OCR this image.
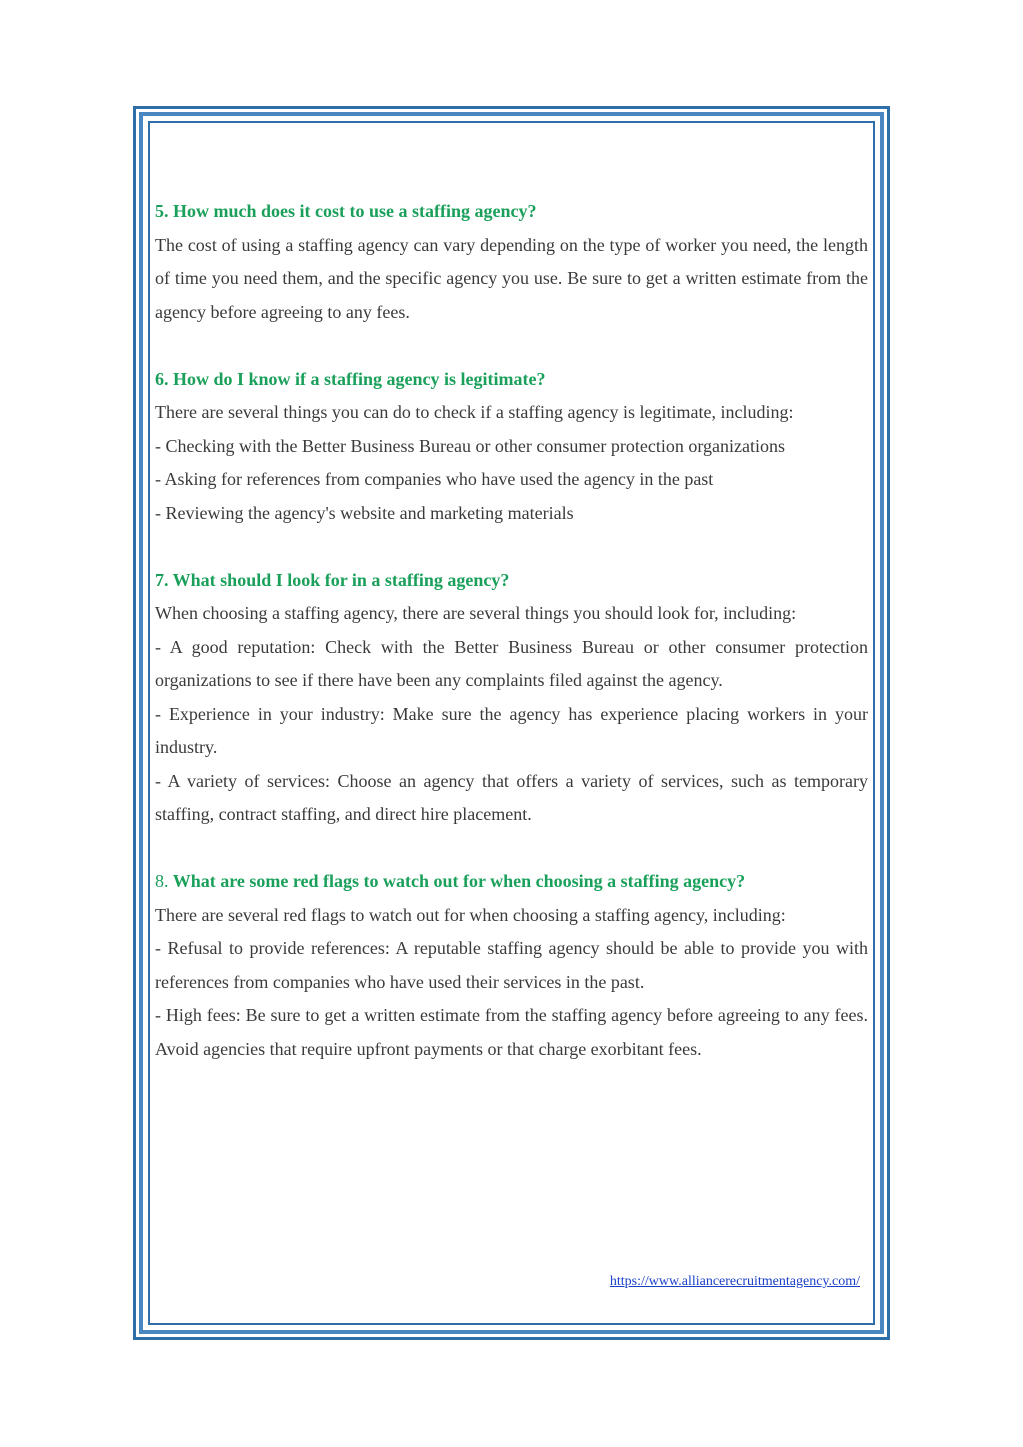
5. How much does it cost to use a staffing agency?

The cost of using a staffing agency can vary depending on the type of worker you need, the length of time you need them, and the specific agency you use. Be sure to get a written estimate from the agency before agreeing to any fees.

6. How do I know if a staffing agency is legitimate?

There are several things you can do to check if a staffing agency is legitimate, including:

- Checking with the Better Business Bureau or other consumer protection organizations

- Asking for references from companies who have used the agency in the past

- Reviewing the agency's website and marketing materials

7. What should I look for in a staffing agency?

When choosing a staffing agency, there are several things you should look for, including:

- A good reputation: Check with the Better Business Bureau or other consumer protection organizations to see if there have been any complaints filed against the agency.

- Experience in your industry: Make sure the agency has experience placing workers in your industry.

- A variety of services: Choose an agency that offers a variety of services, such as temporary staffing, contract staffing, and direct hire placement.

8. What are some red flags to watch out for when choosing a staffing agency?

There are several red flags to watch out for when choosing a staffing agency, including:

- Refusal to provide references: A reputable staffing agency should be able to provide you with references from companies who have used their services in the past.

- High fees: Be sure to get a written estimate from the staffing agency before agreeing to any fees. Avoid agencies that require upfront payments or that charge exorbitant fees.

https://www.alliancerecruitmentagency.com/
